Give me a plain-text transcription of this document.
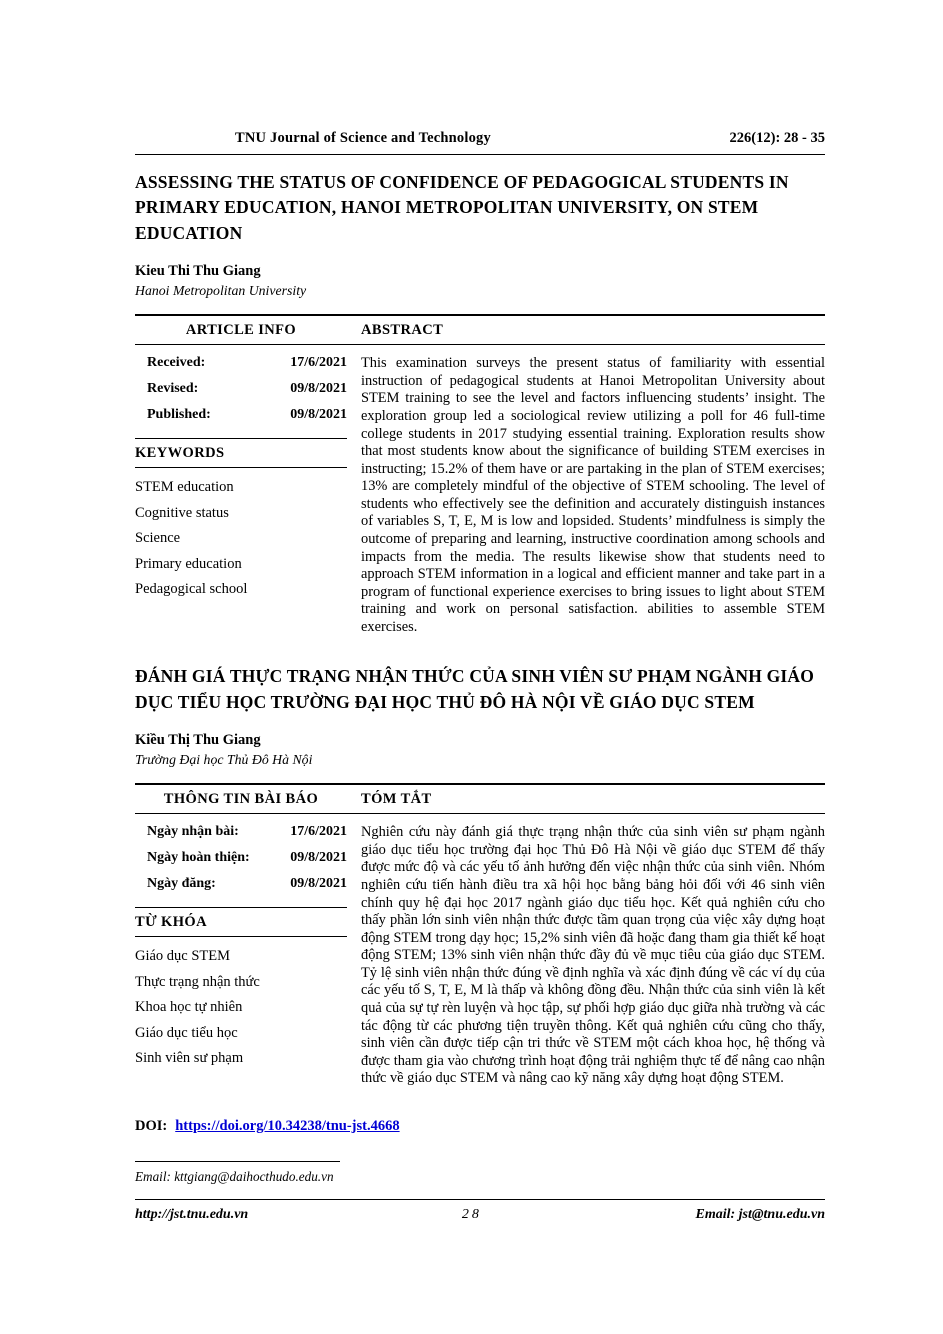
TNU Journal of Science and Technology	226(12): 28 - 35
ASSESSING THE STATUS OF CONFIDENCE OF PEDAGOGICAL STUDENTS IN PRIMARY EDUCATION, HANOI METROPOLITAN UNIVERSITY, ON STEM EDUCATION
Kieu Thi Thu Giang
Hanoi Metropolitan University
ARTICLE INFO	ABSTRACT
Received:	17/6/2021
Revised:	09/8/2021
Published:	09/8/2021
KEYWORDS
STEM education
Cognitive status
Science
Primary education
Pedagogical school
This examination surveys the present status of familiarity with essential instruction of pedagogical students at Hanoi Metropolitan University about STEM training to see the level and factors influencing students’ insight. The exploration group led a sociological review utilizing a poll for 46 full-time college students in 2017 studying essential training. Exploration results show that most students know about the significance of building STEM exercises in instructing; 15.2% of them have or are partaking in the plan of STEM exercises; 13% are completely mindful of the objective of STEM schooling. The level of students who effectively see the definition and accurately distinguish instances of variables S, T, E, M is low and lopsided. Students’ mindfulness is simply the outcome of preparing and learning, instructive coordination among schools and impacts from the media. The results likewise show that students need to approach STEM information in a logical and efficient manner and take part in a program of functional experience exercises to bring issues to light about STEM training and work on personal satisfaction. abilities to assemble STEM exercises.
ĐÁNH GIÁ THỰC TRẠNG NHẬN THỨC CỦA SINH VIÊN SƯ PHẠM NGÀNH GIÁO DỤC TIỂU HỌC TRƯỜNG ĐẠI HỌC THỦ ĐÔ HÀ NỘI VỀ GIÁO DỤC STEM
Kiều Thị Thu Giang
Trường Đại học Thủ Đô Hà Nội
THÔNG TIN BÀI BÁO	TÓM TẮT
Ngày nhận bài:	17/6/2021
Ngày hoàn thiện:	09/8/2021
Ngày đăng:	09/8/2021
TỪ KHÓA
Giáo dục STEM
Thực trạng nhận thức
Khoa học tự nhiên
Giáo dục tiểu học
Sinh viên sư phạm
Nghiên cứu này đánh giá thực trạng nhận thức của sinh viên sư phạm ngành giáo dục tiểu học trường đại học Thủ Đô Hà Nội về giáo dục STEM để thấy được mức độ và các yếu tố ảnh hưởng đến việc nhận thức của sinh viên. Nhóm nghiên cứu tiến hành điều tra xã hội học bằng bảng hỏi đối với 46 sinh viên chính quy hệ đại học 2017 ngành giáo dục tiểu học. Kết quả nghiên cứu cho thấy phần lớn sinh viên nhận thức được tầm quan trọng của việc xây dựng hoạt động STEM trong dạy học; 15,2% sinh viên đã hoặc đang tham gia thiết kế hoạt động STEM; 13% sinh viên nhận thức đầy đủ về mục tiêu của giáo dục STEM. Tỷ lệ sinh viên nhận thức đúng về định nghĩa và xác định đúng về các ví dụ của các yếu tố S, T, E, M là thấp và không đồng đều. Nhận thức của sinh viên là kết quả của sự tự rèn luyện và học tập, sự phối hợp giáo dục giữa nhà trường và các tác động từ các phương tiện truyền thông. Kết quả nghiên cứu cũng cho thấy, sinh viên cần được tiếp cận tri thức về STEM một cách khoa học, hệ thống và được tham gia vào chương trình hoạt động trải nghiệm thực tế để nâng cao nhận thức về giáo dục STEM và nâng cao kỹ năng xây dựng hoạt động STEM.
DOI: https://doi.org/10.34238/tnu-jst.4668
Email: kttgiang@daihocthudo.edu.vn
http://jst.tnu.edu.vn	28	Email: jst@tnu.edu.vn
